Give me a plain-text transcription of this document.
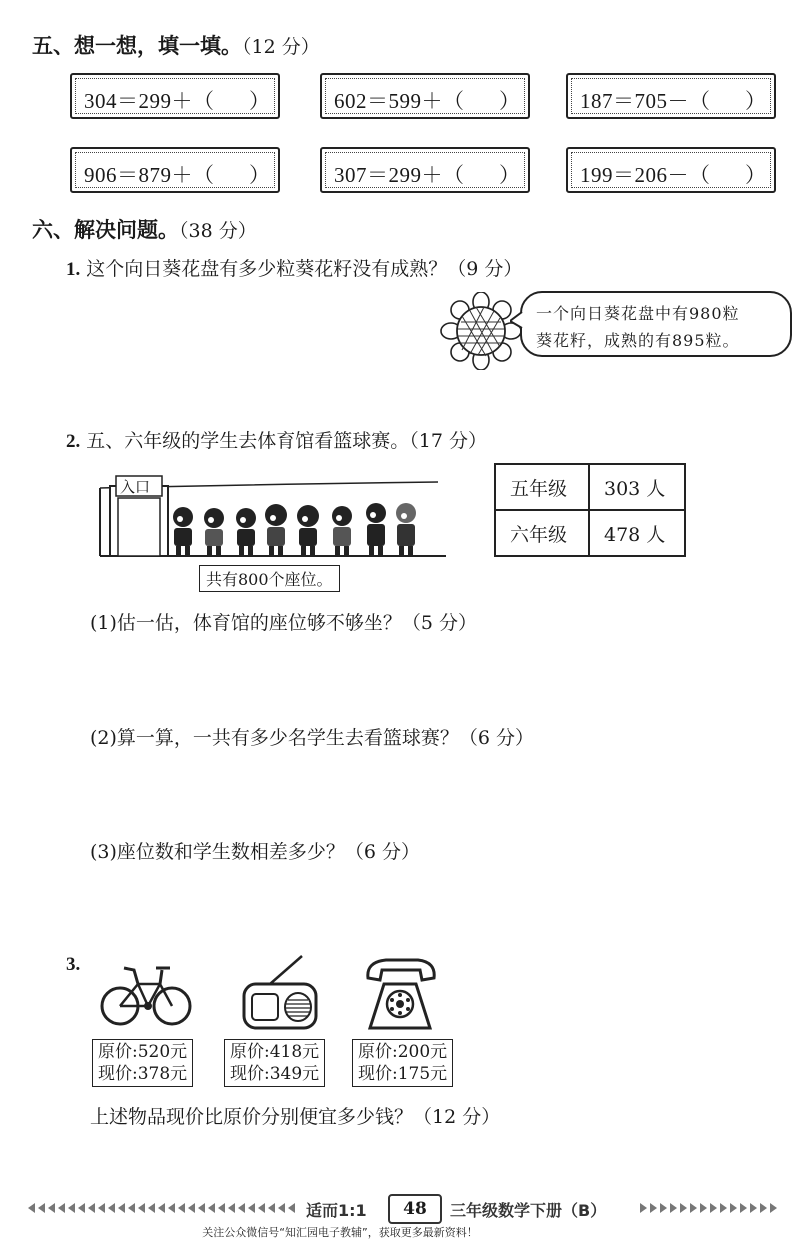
五、想一想，填一填。（12 分）
304＝299＋（      ）	602＝599＋（      ）	187＝705－（      ）
906＝879＋（      ）	307＝299＋（      ）	199＝206－（      ）
六、解决问题。（38 分）
1. 这个向日葵花盘有多少粒葵花籽没有成熟？（9 分）
一个向日葵花盘中有980粒
葵花籽，成熟的有895粒。
2. 五、六年级的学生去体育馆看篮球赛。（17 分）
入口
共有800个座位。
五年级	303 人
六年级	478 人
(1)估一估，体育馆的座位够不够坐？（5 分）
(2)算一算，一共有多少名学生去看篮球赛？（6 分）
(3)座位数和学生数相差多少？（6 分）
3.
原价:520元
现价:378元
原价:418元
现价:349元
原价:200元
现价:175元
上述物品现价比原价分别便宜多少钱？（12 分）
适而1:1	48	三年级数学下册（B）
关注公众微信号“知汇园电子教辅”，获取更多最新资料！
